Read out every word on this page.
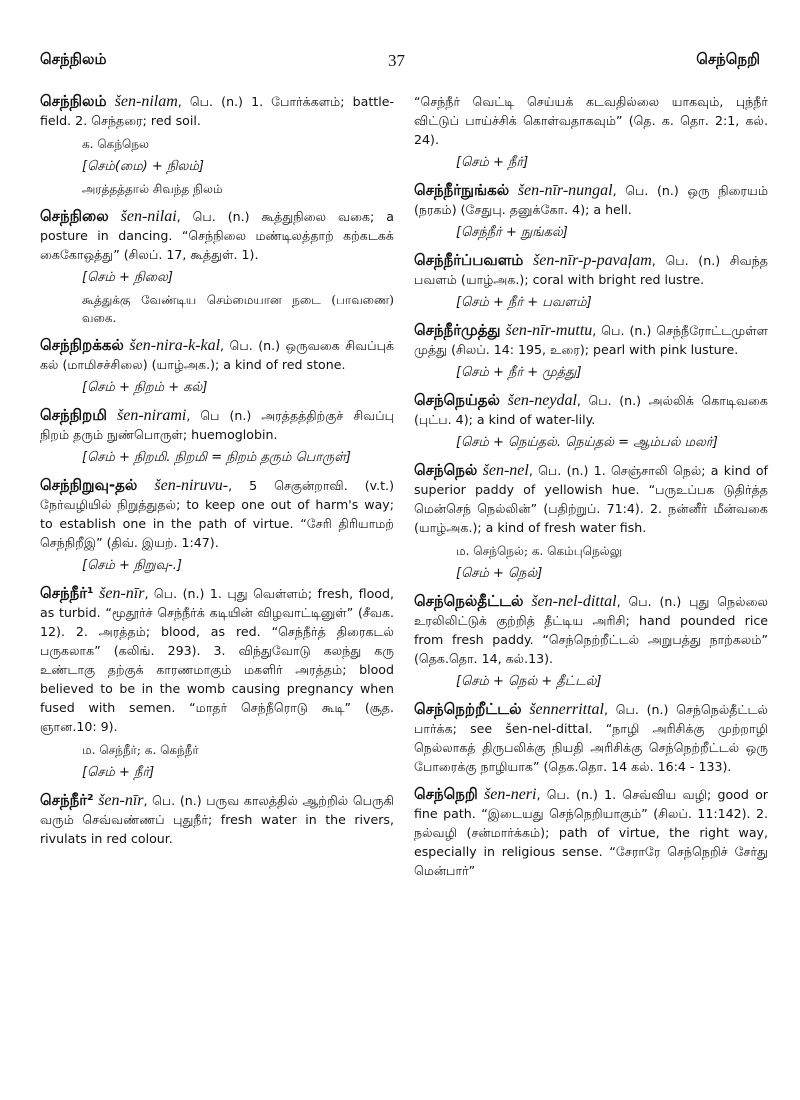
செந்நிலம்	37	செந்நெறி
செந்நிலம் šen-nilam, பெ. (n.) 1. போர்க்களம்; battle-field. 2. செந்தரை; red soil.
க. கெந்நெல
[செம்(மை) + நிலம்]
அரத்தத்தால் சிவந்த நிலம்
செந்நிலை šen-nilai, பெ. (n.) கூத்துநிலை வகை; a posture in dancing. “செந்நிலை மண்டிலத்தாற் கற்கடகக் கைகோஒத்து” (சிலப். 17, கூத்துள். 1).
[செம் + நிலை]
கூத்துக்கு வேண்டிய செம்மையான நடை (பாவணை) வகை.
செந்நிறக்கல் šen-nira-k-kal, பெ. (n.) ஒருவகை சிவப்புக் கல் (மாமிசச்சிலை) (யாழ்அக.); a kind of red stone.
[செம் + நிறம் + கல்]
செந்நிறமி šen-nirami, பெ (n.) அரத்தத்திற்குச் சிவப்பு நிறம் தரும் நுண்பொருள்; huemoglobin.
[செம் + நிறமி. நிறமி = நிறம் தரும் பொருள்]
செந்நிறுவு-தல் šen-niruvu-, 5 செகுன்றாவி. (v.t.) நேர்வழியில் நிறுத்துதல்; to keep one out of harm's way; to establish one in the path of virtue. “சேரி திரியாமற் செந்நிறீஇ” (திவ். இயற். 1:47).
[செம் + நிறுவு-.]
செந்நீர்¹ šen-nīr, பெ. (n.) 1. புது வெள்ளம்; fresh, flood, as turbid. “மூதூர்ச் செந்நீர்க் கடியின் விழவாட்டினுள்” (சீவக. 12). 2. அரத்தம்; blood, as red. “செந்நீர்த் திரைகடல் பருகலாக” (கலிங். 293). 3. விந்துவோடு கலந்து கரு உண்டாகு தற்குக் காரணமாகும் மகளிர் அரத்தம்; blood believed to be in the womb causing pregnancy when fused with semen. “மாதர் செந்நீரொடு கூடி” (சூத. ஞான.10: 9).
ம. செந்நீர்; க. கெந்நீர்
[செம் + நீர்]
செந்நீர்² šen-nīr, பெ. (n.) பருவ காலத்தில் ஆற்றில் பெருகி வரும் செவ்வண்ணப் புதுநீர்; fresh water in the rivers, rivulats in red colour.
“செந்நீர் வெட்டி செய்யக் கடவதில்லை யாகவும், புந்நீர் விட்டுப் பாய்ச்சிக் கொள்வதாகவும்” (தெ. க. தொ. 2:1, கல். 24).
[செம் + நீர்]
செந்நீர்நுங்கல் šen-nīr-nungal, பெ. (n.) ஒரு நிரையம் (நரகம்) (சேதுபு. தனுக்கோ. 4); a hell.
[செந்நீர் + நுங்கல்]
செந்நீர்ப்பவளம் šen-nīr-p-pavaļam, பெ. (n.) சிவந்த பவளம் (யாழ்அக.); coral with bright red lustre.
[செம் + நீர் + பவளம்]
செந்நீர்முத்து šen-nīr-muttu, பெ. (n.) செந்நீரோட்டமுள்ள முத்து (சிலப். 14: 195, உரை); pearl with pink lusture.
[செம் + நீர் + முத்து]
செந்நெய்தல் šen-neydal, பெ. (n.) அல்லிக் கொடிவகை (புட்ப. 4); a kind of water-lily.
[செம் + நெய்தல். நெய்தல் = ஆம்பல் மலர்]
செந்நெல் šen-nel, பெ. (n.) 1. செஞ்சாலி நெல்; a kind of superior paddy of yellowish hue. “பருஉப்பக டுதிர்த்த மென்செந் நெல்லின்” (பதிற்றுப். 71:4). 2. நன்னீர் மீன்வகை (யாழ்அக.); a kind of fresh water fish.
ம. செந்நெல்; க. கெம்புநெல்லு
[செம் + நெல்]
செந்நெல்தீட்டல் šen-nel-dittal, பெ. (n.) புது நெல்லை உரலிலிட்டுக் குற்றித் தீட்டிய அரிசி; hand pounded rice from fresh paddy. “செந்நெற்றீட்டல் அறுபத்து நாற்கலம்” (தெக.தொ. 14, கல்.13).
[செம் + நெல் + தீட்டல்]
செந்நெற்றீட்டல் šennerrittal, பெ. (n.) செந்நெல்தீட்டல் பார்க்க; see šen-nel-dittal. “நாழி அரிசிக்கு முற்றாழி நெல்லாகத் திருபலிக்கு நியதி அரிசிக்கு செந்நெற்றீட்டல் ஒரு போரைக்கு நாழியாக” (தெக.தொ. 14 கல். 16:4 - 133).
செந்நெறி šen-neri, பெ. (n.) 1. செவ்விய வழி; good or fine path. “இடையது செந்நெறியாகும்” (சிலப். 11:142). 2. நல்வழி (சன்மார்க்கம்); path of virtue, the right way, especially in religious sense. “சேராரே செந்நெறிச் சேர்து மென்பார்”
